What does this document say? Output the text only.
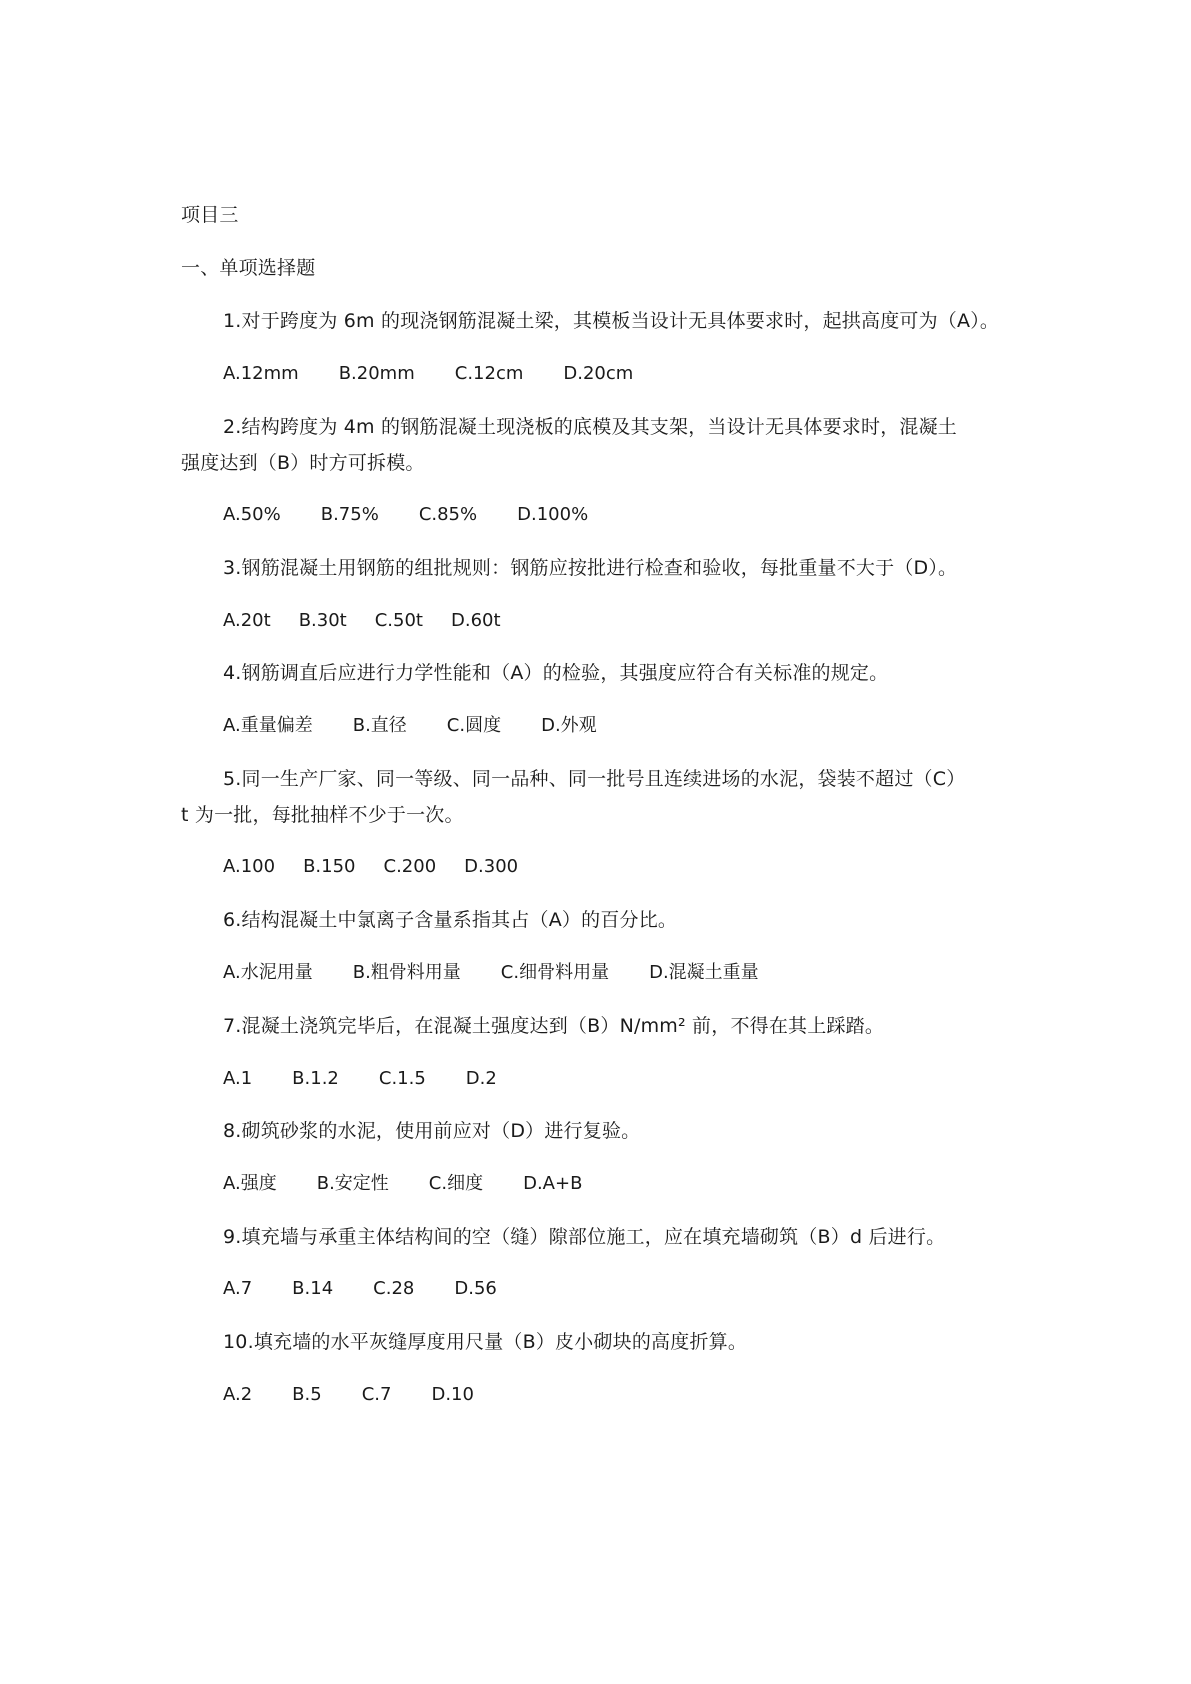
项目三
一、单项选择题
1.对于跨度为 6m 的现浇钢筋混凝土梁，其模板当设计无具体要求时，起拱高度可为（A）。
A.12mm B.20mm C.12cm D.20cm
2.结构跨度为 4m 的钢筋混凝土现浇板的底模及其支架，当设计无具体要求时，混凝土
强度达到（B）时方可拆模。
A.50% B.75% C.85% D.100%
3.钢筋混凝土用钢筋的组批规则：钢筋应按批进行检查和验收，每批重量不大于（D）。
A.20t B.30t C.50t D.60t
4.钢筋调直后应进行力学性能和（A）的检验，其强度应符合有关标准的规定。
A.重量偏差 B.直径 C.圆度 D.外观
5.同一生产厂家、同一等级、同一品种、同一批号且连续进场的水泥，袋装不超过（C）
t 为一批，每批抽样不少于一次。
A.100 B.150 C.200 D.300
6.结构混凝土中氯离子含量系指其占（A）的百分比。
A.水泥用量 B.粗骨料用量 C.细骨料用量 D.混凝土重量
7.混凝土浇筑完毕后，在混凝土强度达到（B）N/mm² 前，不得在其上踩踏。
A.1 B.1.2 C.1.5 D.2
8.砌筑砂浆的水泥，使用前应对（D）进行复验。
A.强度 B.安定性 C.细度 D.A+B
9.填充墙与承重主体结构间的空（缝）隙部位施工，应在填充墙砌筑（B）d 后进行。
A.7 B.14 C.28 D.56
10.填充墙的水平灰缝厚度用尺量（B）皮小砌块的高度折算。
A.2 B.5 C.7 D.10
